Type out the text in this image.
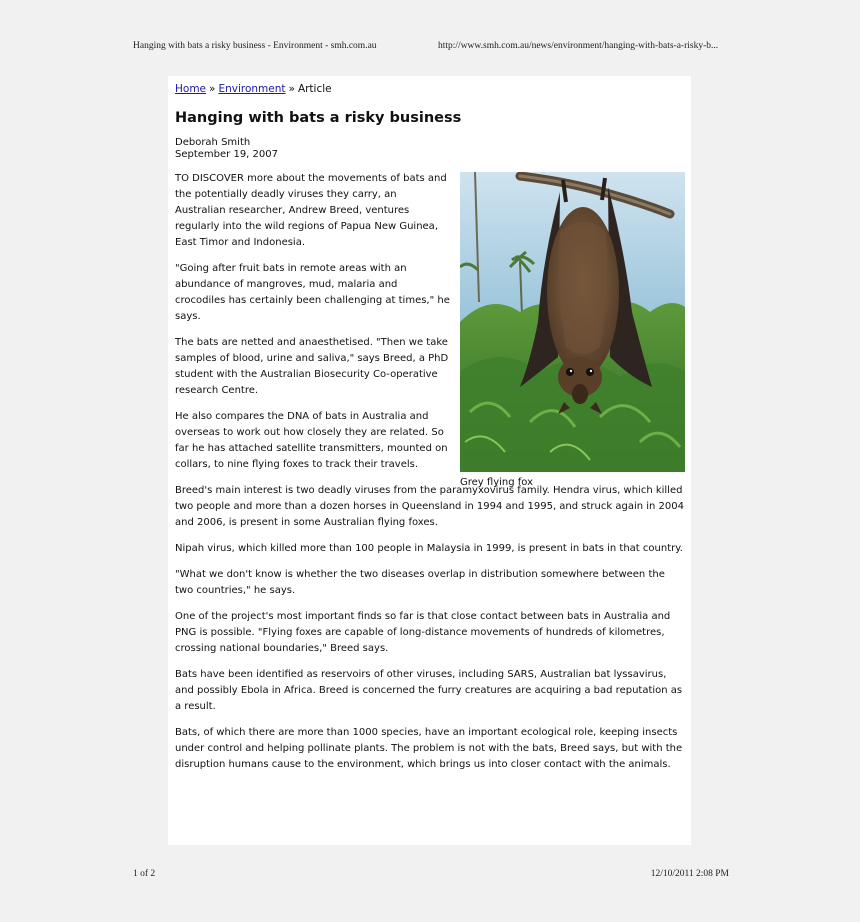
Hanging with bats a risky business - Environment - smh.com.au	http://www.smh.com.au/news/environment/hanging-with-bats-a-risky-b...
Home » Environment » Article
Hanging with bats a risky business
Deborah Smith
September 19, 2007

TO DISCOVER more about the movements of bats and the potentially deadly viruses they carry, an Australian researcher, Andrew Breed, ventures regularly into the wild regions of Papua New Guinea, East Timor and Indonesia.

"Going after fruit bats in remote areas with an abundance of mangroves, mud, malaria and crocodiles has certainly been challenging at times," he says.

The bats are netted and anaesthetised. "Then we take samples of blood, urine and saliva," says Breed, a PhD student with the Australian Biosecurity Co-operative research Centre.

He also compares the DNA of bats in Australia and overseas to work out how closely they are related. So far he has attached satellite transmitters, mounted on collars, to nine flying foxes to track their travels.

Breed's main interest is two deadly viruses from the paramyxovirus family. Hendra virus, which killed two people and more than a dozen horses in Queensland in 1994 and 1995, and struck again in 2004 and 2006, is present in some Australian flying foxes.

Nipah virus, which killed more than 100 people in Malaysia in 1999, is present in bats in that country.

"What we don't know is whether the two diseases overlap in distribution somewhere between the two countries," he says.

One of the project's most important finds so far is that close contact between bats in Australia and PNG is possible. "Flying foxes are capable of long-distance movements of hundreds of kilometres, crossing national boundaries," Breed says.

Bats have been identified as reservoirs of other viruses, including SARS, Australian bat lyssavirus, and possibly Ebola in Africa. Breed is concerned the furry creatures are acquiring a bad reputation as a result.

Bats, of which there are more than 1000 species, have an important ecological role, keeping insects under control and helping pollinate plants. The problem is not with the bats, Breed says, but with the disruption humans cause to the environment, which brings us into closer contact with the animals.

Grey flying fox
1 of 2	12/10/2011 2:08 PM
